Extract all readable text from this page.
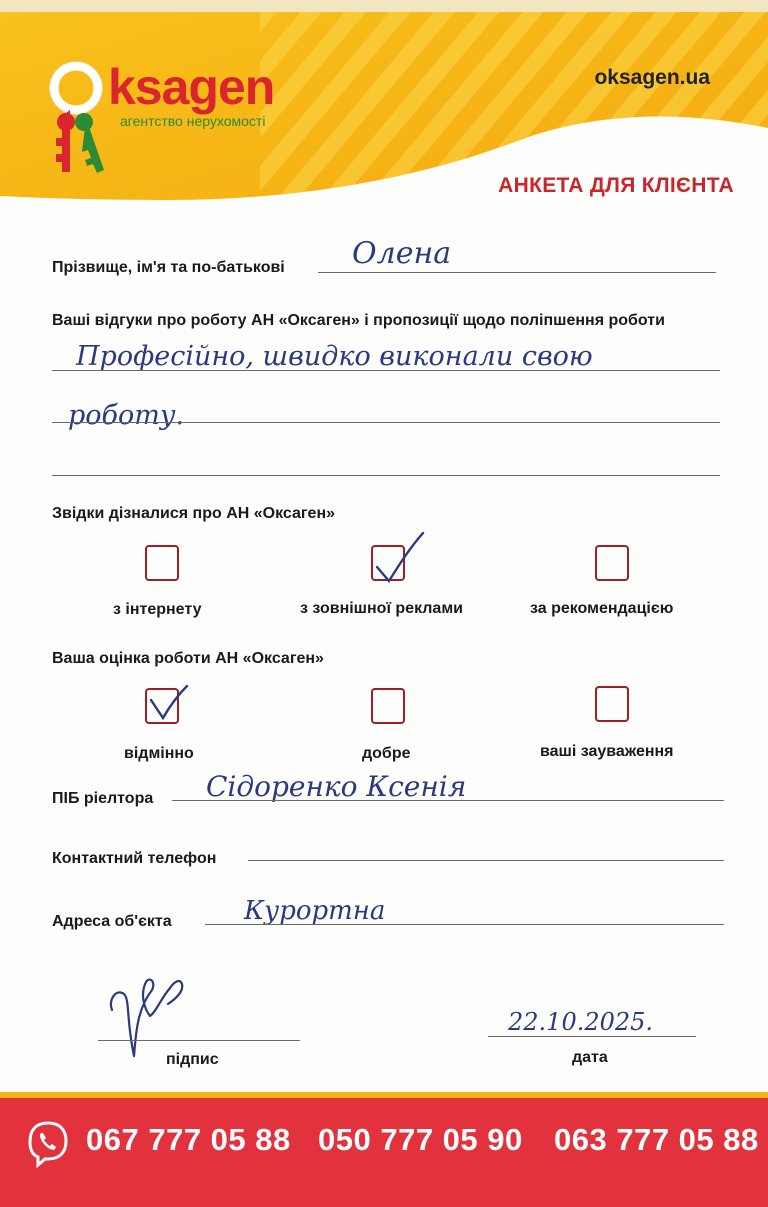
ksagen
агентство нерухомості
oksagen.ua
АНКЕТА ДЛЯ КЛІЄНТА
Прізвище, ім'я та по-батькові Олена
Ваші відгуки про роботу АН «Оксаген» і пропозиції щодо поліпшення роботи
Професійно, швидко виконали свою
роботу.
Звідки дізналися про АН «Оксаген»
з інтернету	з зовнішної реклами	за рекомендацією
Ваша оцінка роботи АН «Оксаген»
відмінно	добре	ваші зауваження
ПІБ ріелтора Сідоренко Ксенія
Контактний телефон
Адреса об'єкта	Курортна
підпис
22.10.2025.
дата
067 777 05 88 050 777 05 90 063 777 05 88
